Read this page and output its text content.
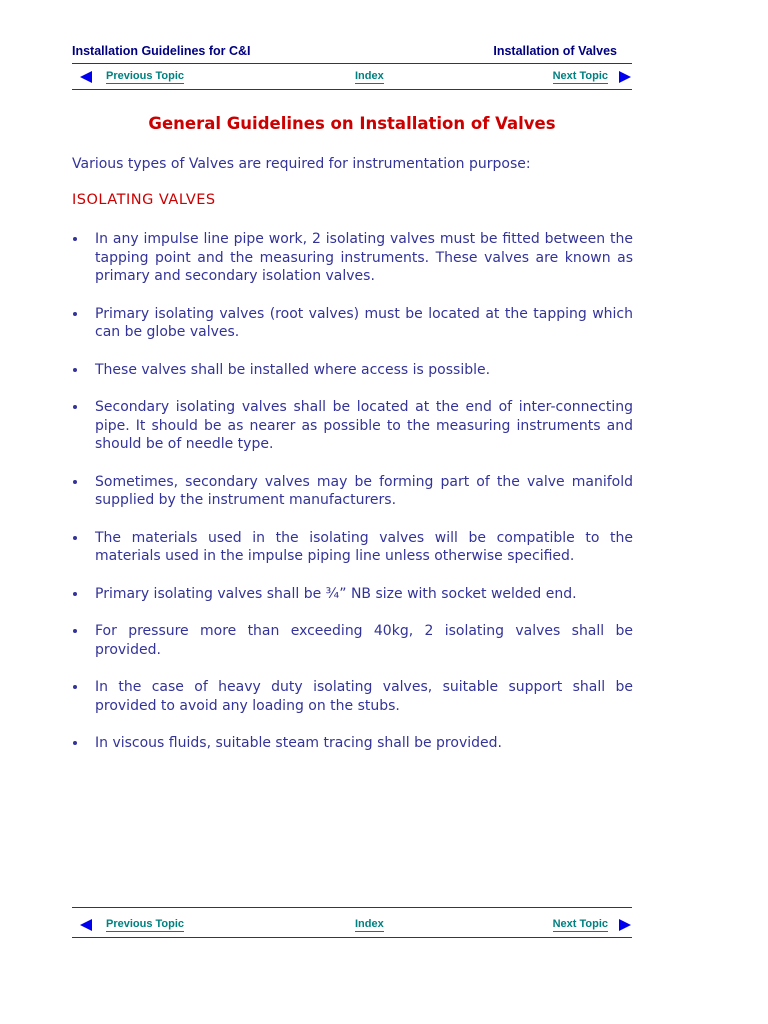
Installation Guidelines for C&I	Installation of Valves
Previous Topic	Index	Next Topic
General Guidelines on Installation of Valves
Various types of Valves are required for instrumentation purpose:
ISOLATING VALVES
In any impulse line pipe work, 2 isolating valves must be fitted between the tapping point and the measuring instruments. These valves are known as primary and secondary isolation valves.
Primary isolating valves (root valves) must be located at the tapping which can be globe valves.
These valves shall be installed where access is possible.
Secondary isolating valves shall be located at the end of inter-connecting pipe. It should be as nearer as possible to the measuring instruments and should be of needle type.
Sometimes, secondary valves may be forming part of the valve manifold supplied by the instrument manufacturers.
The materials used in the isolating valves will be compatible to the materials used in the impulse piping line unless otherwise specified.
Primary isolating valves shall be ¾” NB size with socket welded end.
For pressure more than exceeding 40kg, 2 isolating valves shall be provided.
In the case of heavy duty isolating valves, suitable support shall be provided to avoid any loading on the stubs.
In viscous fluids, suitable steam tracing shall be provided.
Previous Topic	Index	Next Topic
